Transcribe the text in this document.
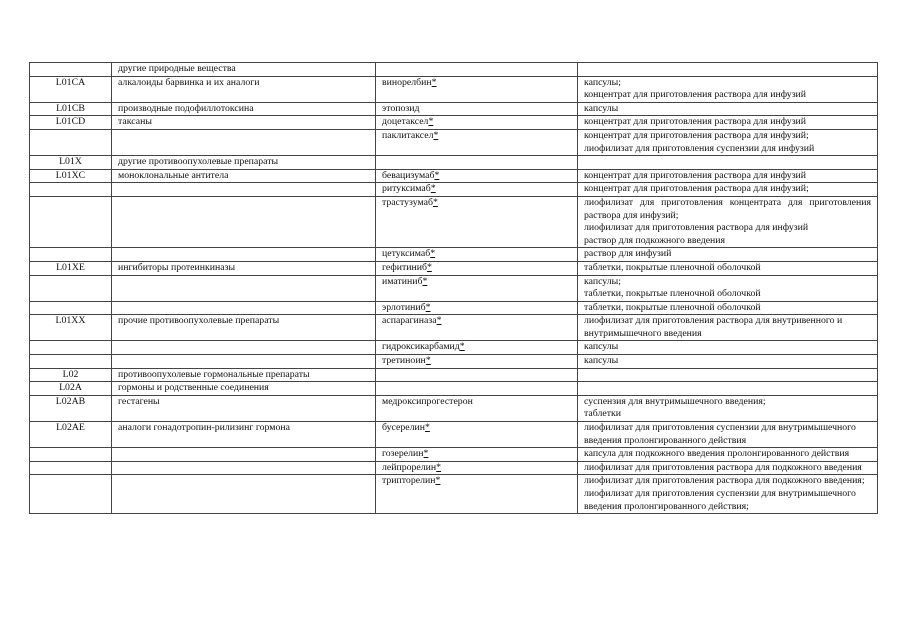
	другие природные вещества		
L01CA	алкалоиды барвинка и их аналоги	винорелбин*	капсулы;
концентрат для приготовления раствора для инфузий

L01CB	производные подофиллотоксина	этопозид	капсулы

L01CD	таксаны	доцетаксел*	концентрат для приготовления раствора для инфузий

		паклитаксел*	концентрат для приготовления раствора для инфузий;
лиофилизат для приготовления суспензии для инфузий

L01X	другие противоопухолевые препараты		
L01XC	моноклональные антитела	бевацизумаб*	концентрат для приготовления раствора для инфузий

		ритуксимаб*	концентрат для приготовления раствора для инфузий;

		трастузумаб*	лиофилизат для приготовления концентрата для приготовления раствора для инфузий;
лиофилизат для приготовления раствора для инфузий
раствор для подкожного введения

		цетуксимаб*	раствор для инфузий

L01XE	ингибиторы протеинкиназы	гефитиниб*	таблетки, покрытые пленочной оболочкой

		иматиниб*	капсулы;
таблетки, покрытые пленочной оболочкой

		эрлотиниб*	таблетки, покрытые пленочной оболочкой

L01XX	прочие противоопухолевые препараты	аспарагиназа*	лиофилизат для приготовления раствора для внутривенного и внутримышечного введения

		гидроксикарбамид*	капсулы

		третиноин*	капсулы

L02	противоопухолевые гормональные препараты		
L02A	гормоны и родственные соединения		
L02AB	гестагены	медроксипрогестерон	суспензия для внутримышечного введения;
таблетки

L02AE	аналоги гонадотропин-рилизинг гормона	бусерелин*	лиофилизат для приготовления суспензии для внутримышечного введения пролонгированного действия

		гозерелин*	капсула для подкожного введения пролонгированного действия

		лейпрорелин*	лиофилизат для приготовления раствора для подкожного введения

		трипторелин*	лиофилизат для приготовления раствора для подкожного введения;
лиофилизат для приготовления суспензии для внутримышечного введения пролонгированного действия;
